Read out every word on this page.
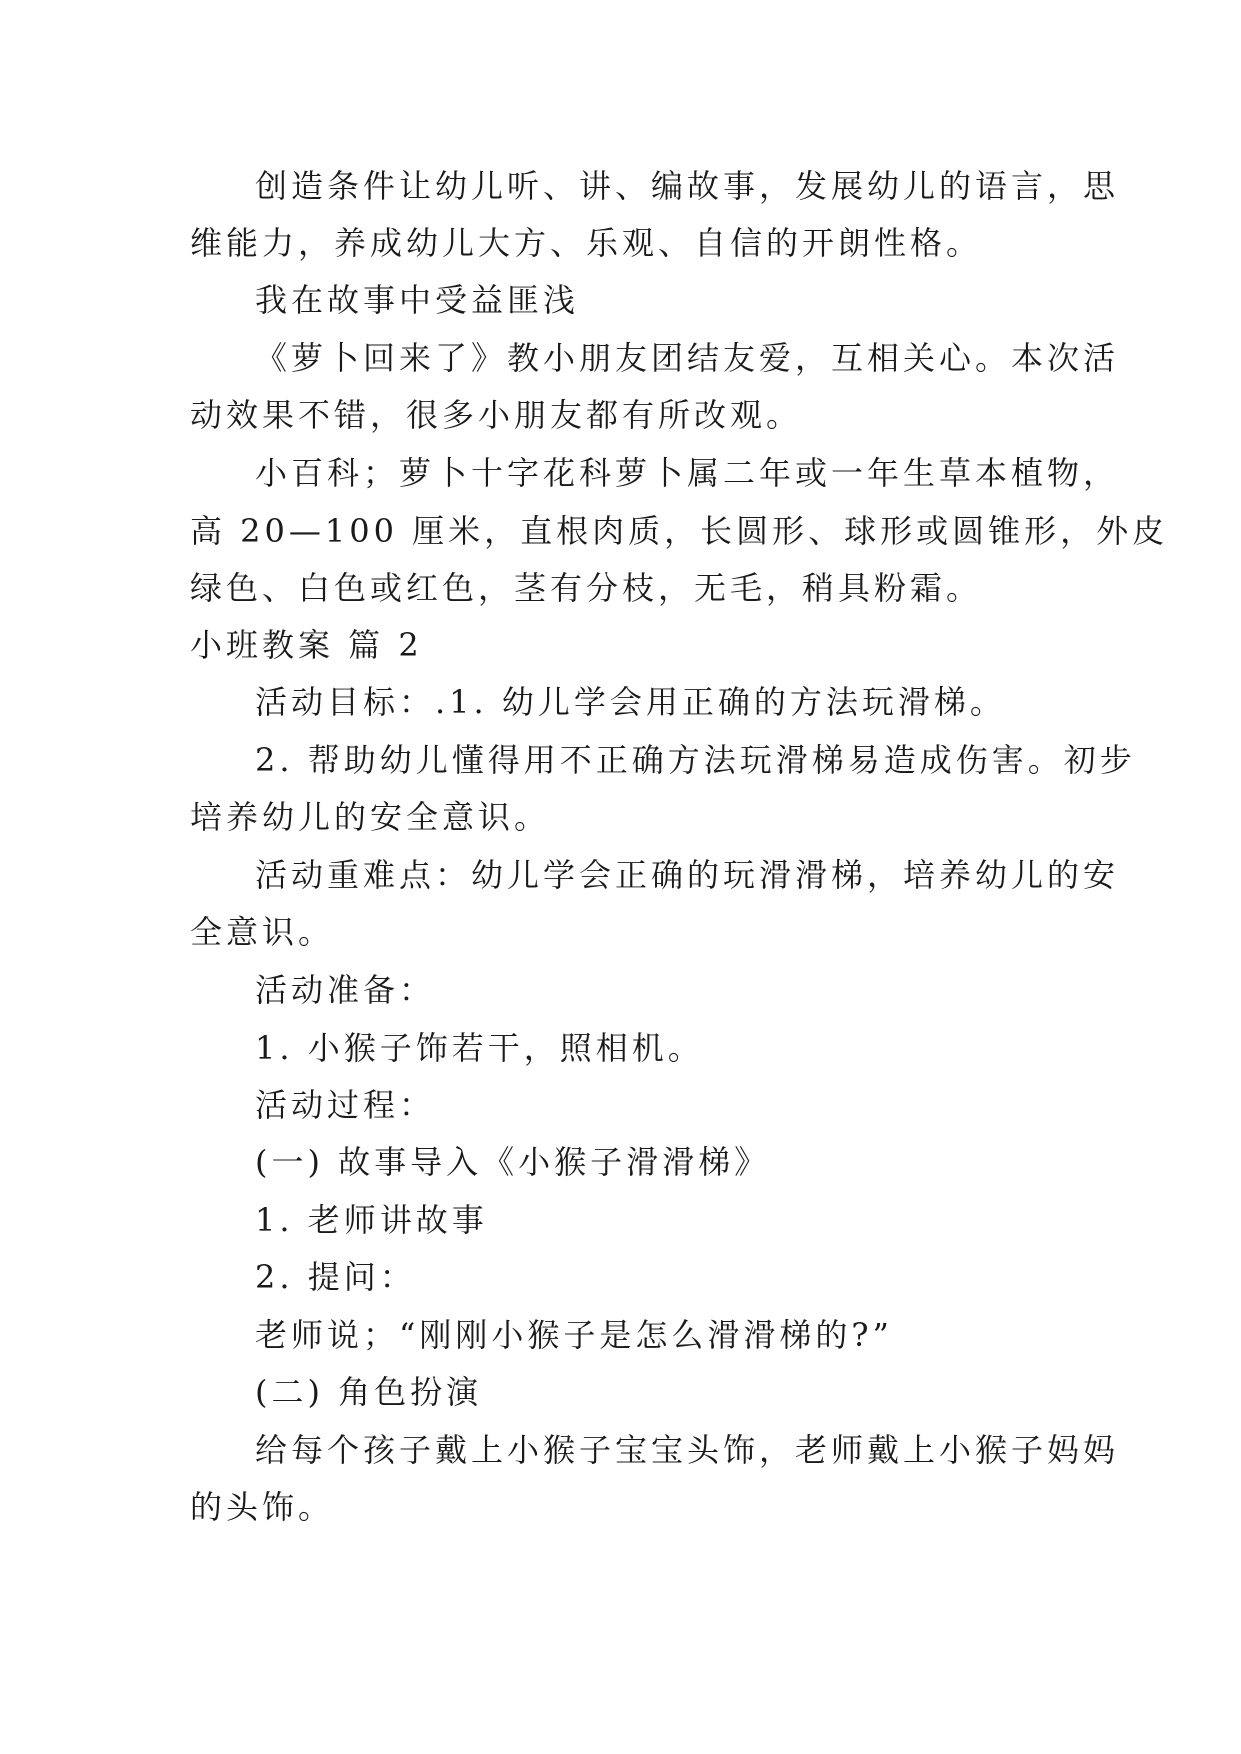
创造条件让幼儿听、讲、编故事，发展幼儿的语言，思
维能力，养成幼儿大方、乐观、自信的开朗性格。
我在故事中受益匪浅
《萝卜回来了》教小朋友团结友爱，互相关心。本次活
动效果不错，很多小朋友都有所改观。
小百科；萝卜十字花科萝卜属二年或一年生草本植物，
高 20—100 厘米，直根肉质，长圆形、球形或圆锥形，外皮
绿色、白色或红色，茎有分枝，无毛，稍具粉霜。
小班教案 篇 2
活动目标：.1. 幼儿学会用正确的方法玩滑梯。
2. 帮助幼儿懂得用不正确方法玩滑梯易造成伤害。初步
培养幼儿的安全意识。
活动重难点：幼儿学会正确的玩滑滑梯，培养幼儿的安
全意识。
活动准备：
1. 小猴子饰若干，照相机。
活动过程：
(一) 故事导入《小猴子滑滑梯》
1. 老师讲故事
2. 提问：
老师说；“刚刚小猴子是怎么滑滑梯的?”
(二) 角色扮演
给每个孩子戴上小猴子宝宝头饰，老师戴上小猴子妈妈
的头饰。
